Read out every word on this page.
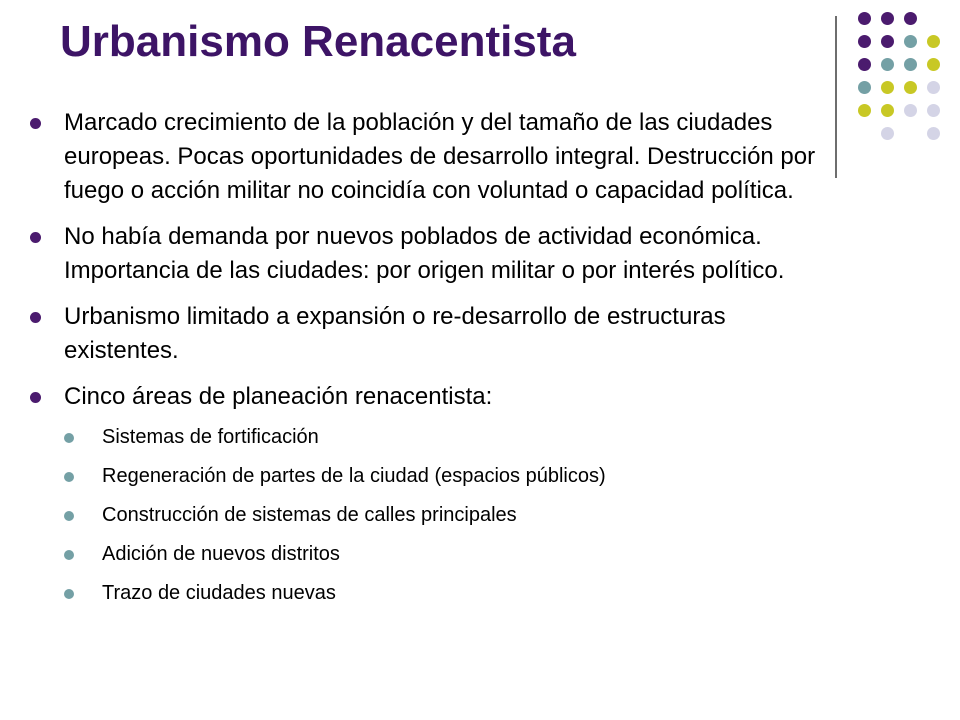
Urbanismo Renacentista
Marcado crecimiento de la población y del tamaño de las ciudades europeas. Pocas oportunidades de desarrollo integral. Destrucción por fuego o acción militar no coincidía con voluntad o capacidad política.
No había demanda por nuevos poblados de actividad económica. Importancia de las ciudades: por origen militar o por interés político.
Urbanismo limitado a expansión o re-desarrollo de estructuras existentes.
Cinco áreas de planeación renacentista:
Sistemas de fortificación
Regeneración de partes de la ciudad (espacios públicos)
Construcción de sistemas de calles principales
Adición de nuevos distritos
Trazo de ciudades nuevas
